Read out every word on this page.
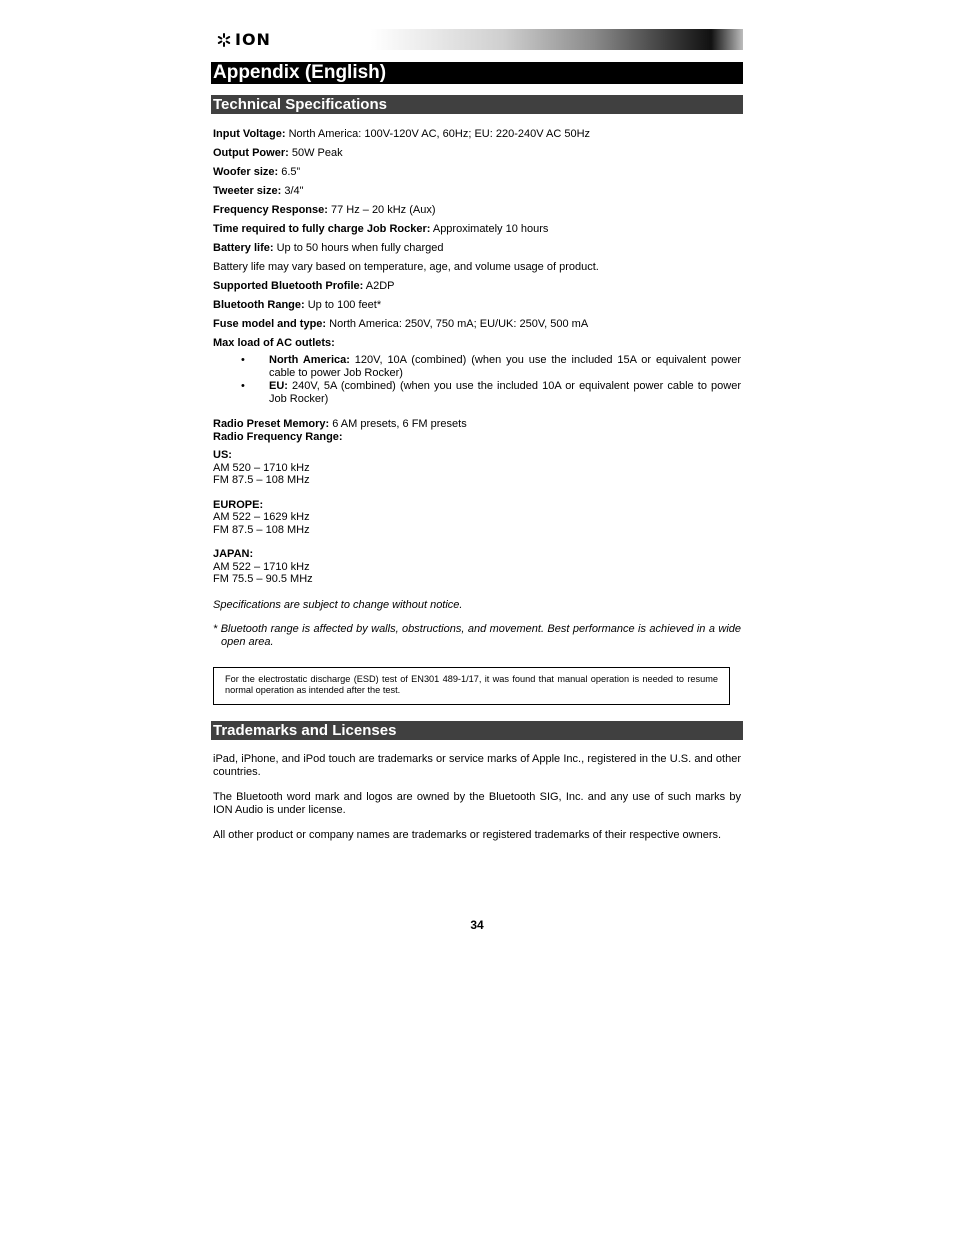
ION
Appendix (English)
Technical Specifications
Input Voltage: North America: 100V-120V AC, 60Hz; EU: 220-240V AC 50Hz
Output Power: 50W Peak
Woofer size: 6.5”
Tweeter size: 3/4"
Frequency Response: 77 Hz – 20 kHz (Aux)
Time required to fully charge Job Rocker: Approximately 10 hours
Battery life: Up to 50 hours when fully charged
Battery life may vary based on temperature, age, and volume usage of product.
Supported Bluetooth Profile: A2DP
Bluetooth Range: Up to 100 feet*
Fuse model and type: North America: 250V, 750 mA; EU/UK: 250V, 500 mA
Max load of AC outlets:
• North America: 120V, 10A (combined) (when you use the included 15A or equivalent power cable to power Job Rocker)
• EU: 240V, 5A (combined) (when you use the included 10A or equivalent power cable to power Job Rocker)
Radio Preset Memory: 6 AM presets, 6 FM presets
Radio Frequency Range:
US:
AM 520 – 1710 kHz
FM 87.5 – 108 MHz
EUROPE:
AM 522 – 1629 kHz
FM 87.5 – 108 MHz
JAPAN:
AM 522 – 1710 kHz
FM 75.5 – 90.5 MHz
Specifications are subject to change without notice.
* Bluetooth range is affected by walls, obstructions, and movement. Best performance is achieved in a wide open area.
For the electrostatic discharge (ESD) test of EN301 489-1/17, it was found that manual operation is needed to resume normal operation as intended after the test.
Trademarks and Licenses

iPad, iPhone, and iPod touch are trademarks or service marks of Apple Inc., registered in the U.S. and other countries.

The Bluetooth word mark and logos are owned by the Bluetooth SIG, Inc. and any use of such marks by ION Audio is under license.

All other product or company names are trademarks or registered trademarks of their respective owners.

34
